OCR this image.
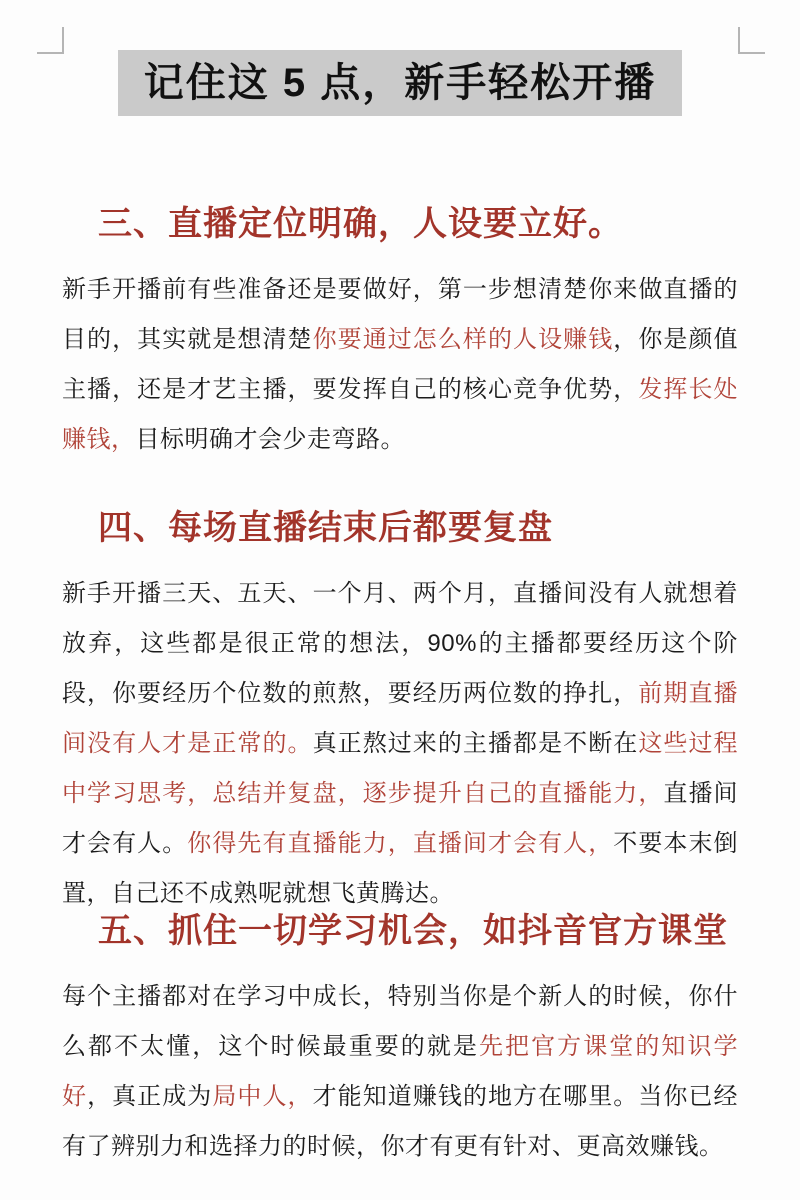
记住这 5 点，新手轻松开播
三、直播定位明确，人设要立好。

新手开播前有些准备还是要做好，第一步想清楚你来做直播的目的，其实就是想清楚你要通过怎么样的人设赚钱，你是颜值主播，还是才艺主播，要发挥自己的核心竞争优势，发挥长处赚钱，目标明确才会少走弯路。

四、每场直播结束后都要复盘

新手开播三天、五天、一个月、两个月，直播间没有人就想着放弃，这些都是很正常的想法，90%的主播都要经历这个阶段，你要经历个位数的煎熬，要经历两位数的挣扎，前期直播间没有人才是正常的。真正熬过来的主播都是不断在这些过程中学习思考，总结并复盘，逐步提升自己的直播能力，直播间才会有人。你得先有直播能力，直播间才会有人，不要本末倒置，自己还不成熟呢就想飞黄腾达。

五、抓住一切学习机会，如抖音官方课堂

每个主播都对在学习中成长，特别当你是个新人的时候，你什么都不太懂，这个时候最重要的就是先把官方课堂的知识学好，真正成为局中人，才能知道赚钱的地方在哪里。当你已经有了辨别力和选择力的时候，你才有更有针对、更高效赚钱。
